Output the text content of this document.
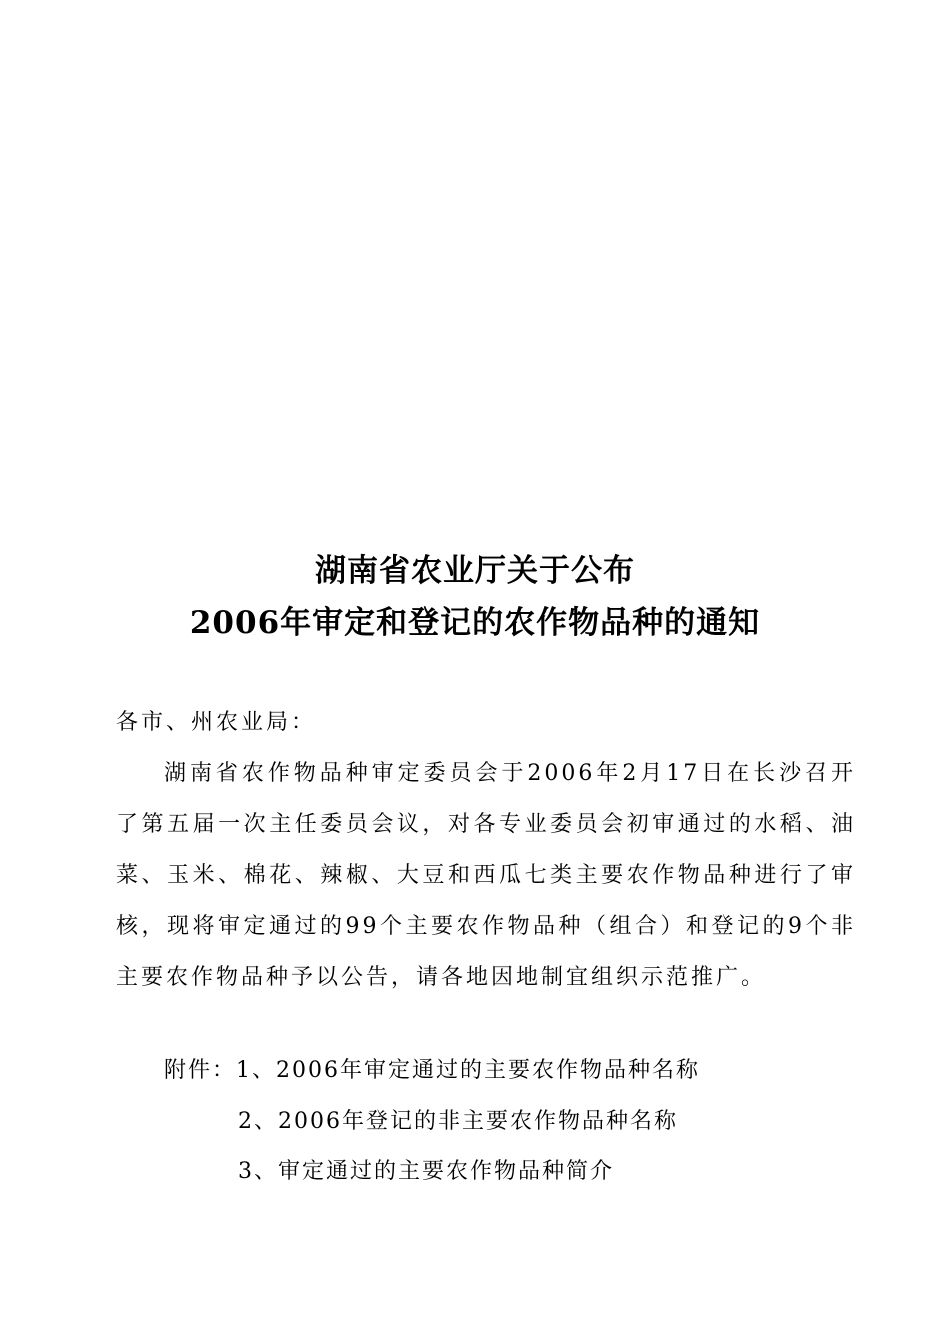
湖南省农业厅关于公布
2006年审定和登记的农作物品种的通知
各市、州农业局：
湖南省农作物品种审定委员会于2006年2月17日在长沙召开了第五届一次主任委员会议，对各专业委员会初审通过的水稻、油菜、玉米、棉花、辣椒、大豆和西瓜七类主要农作物品种进行了审核，现将审定通过的99个主要农作物品种（组合）和登记的9个非主要农作物品种予以公告，请各地因地制宜组织示范推广。
附件：1、2006年审定通过的主要农作物品种名称
2、2006年登记的非主要农作物品种名称
3、审定通过的主要农作物品种简介
